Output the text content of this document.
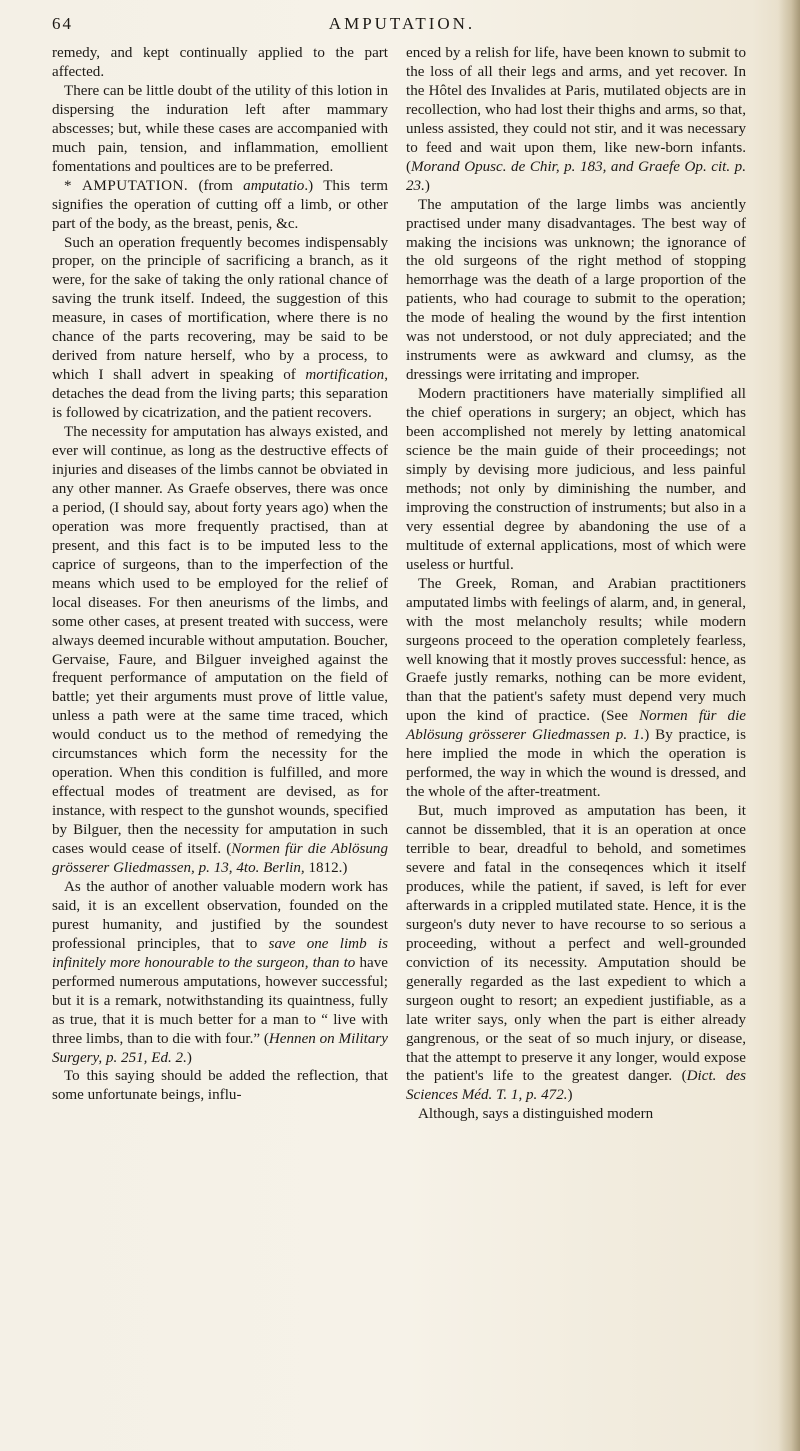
64	AMPUTATION.

remedy, and kept continually applied to the part affected.

There can be little doubt of the utility of this lotion in dispersing the induration left after mammary abscesses; but, while these cases are accompanied with much pain, tension, and inflammation, emollient fomentations and poultices are to be preferred.

* AMPUTATION. (from amputatio.) This term signifies the operation of cutting off a limb, or other part of the body, as the breast, penis, &c.

Such an operation frequently becomes indispensably proper, on the principle of sacrificing a branch, as it were, for the sake of taking the only rational chance of saving the trunk itself. Indeed, the suggestion of this measure, in cases of mortification, where there is no chance of the parts recovering, may be said to be derived from nature herself, who by a process, to which I shall advert in speaking of mortification, detaches the dead from the living parts; this separation is followed by cicatrization, and the patient recovers.

The necessity for amputation has always existed, and ever will continue, as long as the destructive effects of injuries and diseases of the limbs cannot be obviated in any other manner. As Graefe observes, there was once a period, (I should say, about forty years ago) when the operation was more frequently practised, than at present, and this fact is to be imputed less to the caprice of surgeons, than to the imperfection of the means which used to be employed for the relief of local diseases. For then aneurisms of the limbs, and some other cases, at present treated with success, were always deemed incurable without amputation. Boucher, Gervaise, Faure, and Bilguer inveighed against the frequent performance of amputation on the field of battle; yet their arguments must prove of little value, unless a path were at the same time traced, which would conduct us to the method of remedying the circumstances which form the necessity for the operation. When this condition is fulfilled, and more effectual modes of treatment are devised, as for instance, with respect to the gunshot wounds, specified by Bilguer, then the necessity for amputation in such cases would cease of itself. (Normen für die Ablösung grösserer Gliedmassen, p. 13, 4to. Berlin, 1812.)

As the author of another valuable modern work has said, it is an excellent observation, founded on the purest humanity, and justified by the soundest professional principles, that to save one limb is infinitely more honourable to the surgeon, than to have performed numerous amputations, however successful; but it is a remark, notwithstanding its quaintness, fully as true, that it is much better for a man to “ live with three limbs, than to die with four.” (Hennen on Military Surgery, p. 251, Ed. 2.)

To this saying should be added the reflection, that some unfortunate beings, influ-

enced by a relish for life, have been known to submit to the loss of all their legs and arms, and yet recover. In the Hôtel des Invalides at Paris, mutilated objects are in recollection, who had lost their thighs and arms, so that, unless assisted, they could not stir, and it was necessary to feed and wait upon them, like new-born infants. (Morand Opusc. de Chir, p. 183, and Graefe Op. cit. p. 23.)

The amputation of the large limbs was anciently practised under many disadvantages. The best way of making the incisions was unknown; the ignorance of the old surgeons of the right method of stopping hemorrhage was the death of a large proportion of the patients, who had courage to submit to the operation; the mode of healing the wound by the first intention was not understood, or not duly appreciated; and the instruments were as awkward and clumsy, as the dressings were irritating and improper.

Modern practitioners have materially simplified all the chief operations in surgery; an object, which has been accomplished not merely by letting anatomical science be the main guide of their proceedings; not simply by devising more judicious, and less painful methods; not only by diminishing the number, and improving the construction of instruments; but also in a very essential degree by abandoning the use of a multitude of external applications, most of which were useless or hurtful.

The Greek, Roman, and Arabian practitioners amputated limbs with feelings of alarm, and, in general, with the most melancholy results; while modern surgeons proceed to the operation completely fearless, well knowing that it mostly proves successful: hence, as Graefe justly remarks, nothing can be more evident, than that the patient's safety must depend very much upon the kind of practice. (See Normen für die Ablösung grösserer Gliedmassen p. 1.) By practice, is here implied the mode in which the operation is performed, the way in which the wound is dressed, and the whole of the after-treatment.

But, much improved as amputation has been, it cannot be dissembled, that it is an operation at once terrible to bear, dreadful to behold, and sometimes severe and fatal in the conseqences which it itself produces, while the patient, if saved, is left for ever afterwards in a crippled mutilated state. Hence, it is the surgeon's duty never to have recourse to so serious a proceeding, without a perfect and well-grounded conviction of its necessity. Amputation should be generally regarded as the last expedient to which a surgeon ought to resort; an expedient justifiable, as a late writer says, only when the part is either already gangrenous, or the seat of so much injury, or disease, that the attempt to preserve it any longer, would expose the patient's life to the greatest danger. (Dict. des Sciences Méd. T. 1, p. 472.)

Although, says a distinguished modern
